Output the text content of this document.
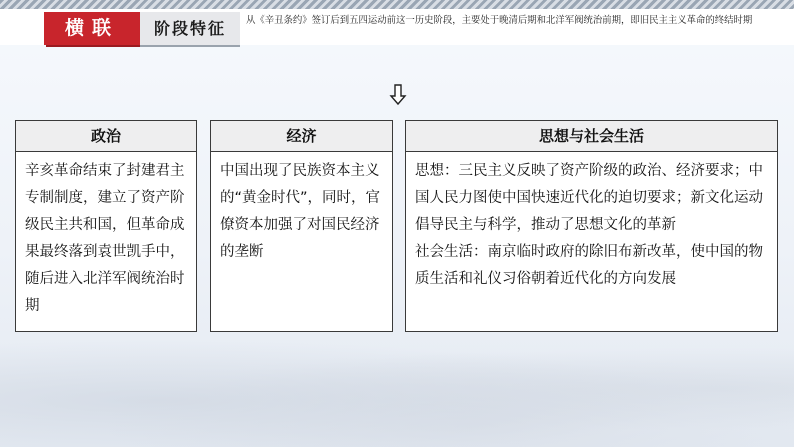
横联	阶段特征	从《辛丑条约》签订后到五四运动前这一历史阶段，主要处于晚清后期和北洋军阀统治前期，即旧民主主义革命的终结时期
政治

辛亥革命结束了封建君主专制制度，建立了资产阶级民主共和国，但革命成果最终落到袁世凯手中，随后进入北洋军阀统治时期

经济

中国出现了民族资本主义的“黄金时代”，同时，官僚资本加强了对国民经济的垄断

思想与社会生活

思想：三民主义反映了资产阶级的政治、经济要求；中国人民力图使中国快速近代化的迫切要求；新文化运动倡导民主与科学，推动了思想文化的革新

社会生活：南京临时政府的除旧布新改革，使中国的物质生活和礼仪习俗朝着近代化的方向发展
